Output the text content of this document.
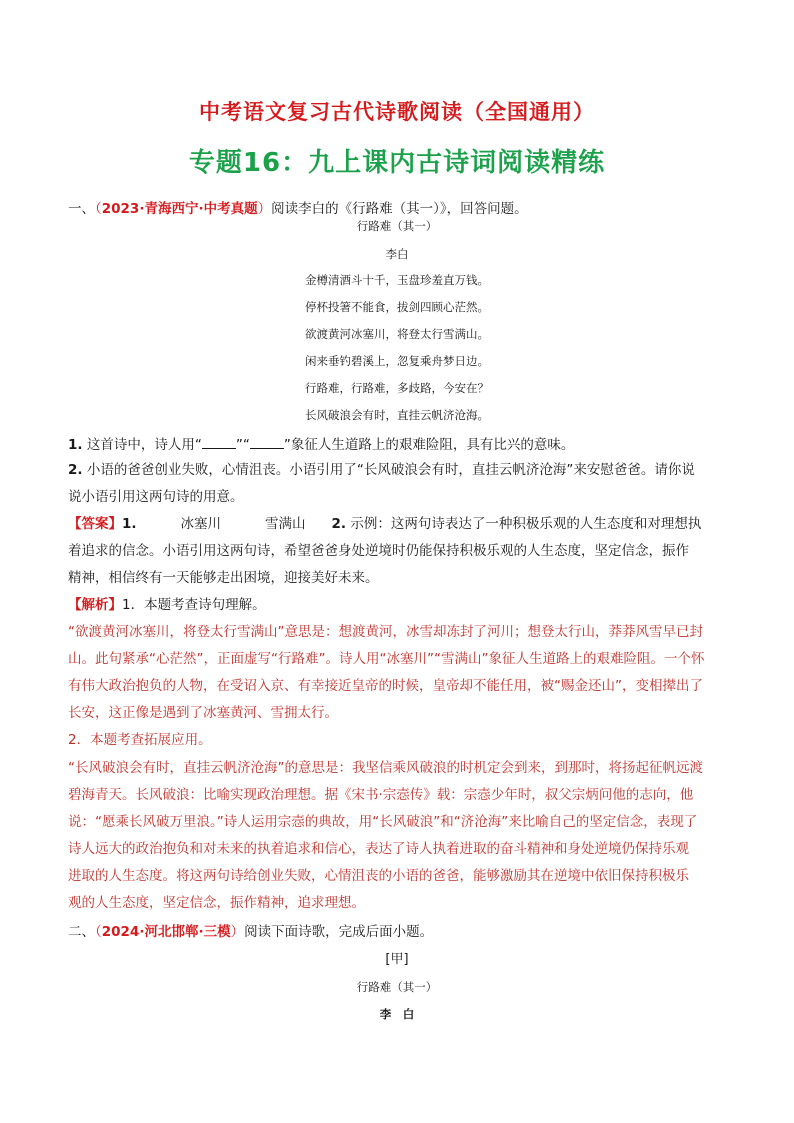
中考语文复习古代诗歌阅读（全国通用）
专题16：九上课内古诗词阅读精练
一、（2023·青海西宁·中考真题）阅读李白的《行路难（其一）》，回答问题。
行路难（其一）
李白
金樽清酒斗十千，玉盘珍羞直万钱。
停杯投箸不能食，拔剑四顾心茫然。
欲渡黄河冰塞川，将登太行雪满山。
闲来垂钓碧溪上，忽复乘舟梦日边。
行路难，行路难，多歧路，今安在？
长风破浪会有时，直挂云帆济沧海。
1. 这首诗中，诗人用“	”“	”象征人生道路上的艰难险阻，具有比兴的意味。
2. 小语的爸爸创业失败，心情沮丧。小语引用了“长风破浪会有时，直挂云帆济沧海”来安慰爸爸。请你说
说小语引用这两句诗的用意。
【答案】1.	冰塞川	雪满山 2. 示例：这两句诗表达了一种积极乐观的人生态度和对理想执
着追求的信念。小语引用这两句诗，希望爸爸身处逆境时仍能保持积极乐观的人生态度，坚定信念，振作
精神，相信终有一天能够走出困境，迎接美好未来。
【解析】1．本题考查诗句理解。
“欲渡黄河冰塞川，将登太行雪满山”意思是：想渡黄河，冰雪却冻封了河川；想登太行山，莽莽风雪早已封
山。此句紧承“心茫然”，正面虚写“行路难”。诗人用“冰塞川”“雪满山”象征人生道路上的艰难险阻。一个怀
有伟大政治抱负的人物，在受诏入京、有幸接近皇帝的时候，皇帝却不能任用，被“赐金还山”，变相撵出了
长安，这正像是遇到了冰塞黄河、雪拥太行。
2．本题考查拓展应用。
“长风破浪会有时，直挂云帆济沧海”的意思是：我坚信乘风破浪的时机定会到来，到那时，将扬起征帆远渡
碧海青天。长风破浪：比喻实现政治理想。据《宋书·宗悫传》载：宗悫少年时，叔父宗炳问他的志向，他
说：“愿乘长风破万里浪。”诗人运用宗悫的典故，用“长风破浪”和“济沧海”来比喻自己的坚定信念，表现了
诗人远大的政治抱负和对未来的执着追求和信心，表达了诗人执着进取的奋斗精神和身处逆境仍保持乐观
进取的人生态度。将这两句诗给创业失败，心情沮丧的小语的爸爸，能够激励其在逆境中依旧保持积极乐
观的人生态度，坚定信念，振作精神，追求理想。
二、（2024·河北邯郸·三模）阅读下面诗歌，完成后面小题。
[甲]
行路难（其一）
李　白
